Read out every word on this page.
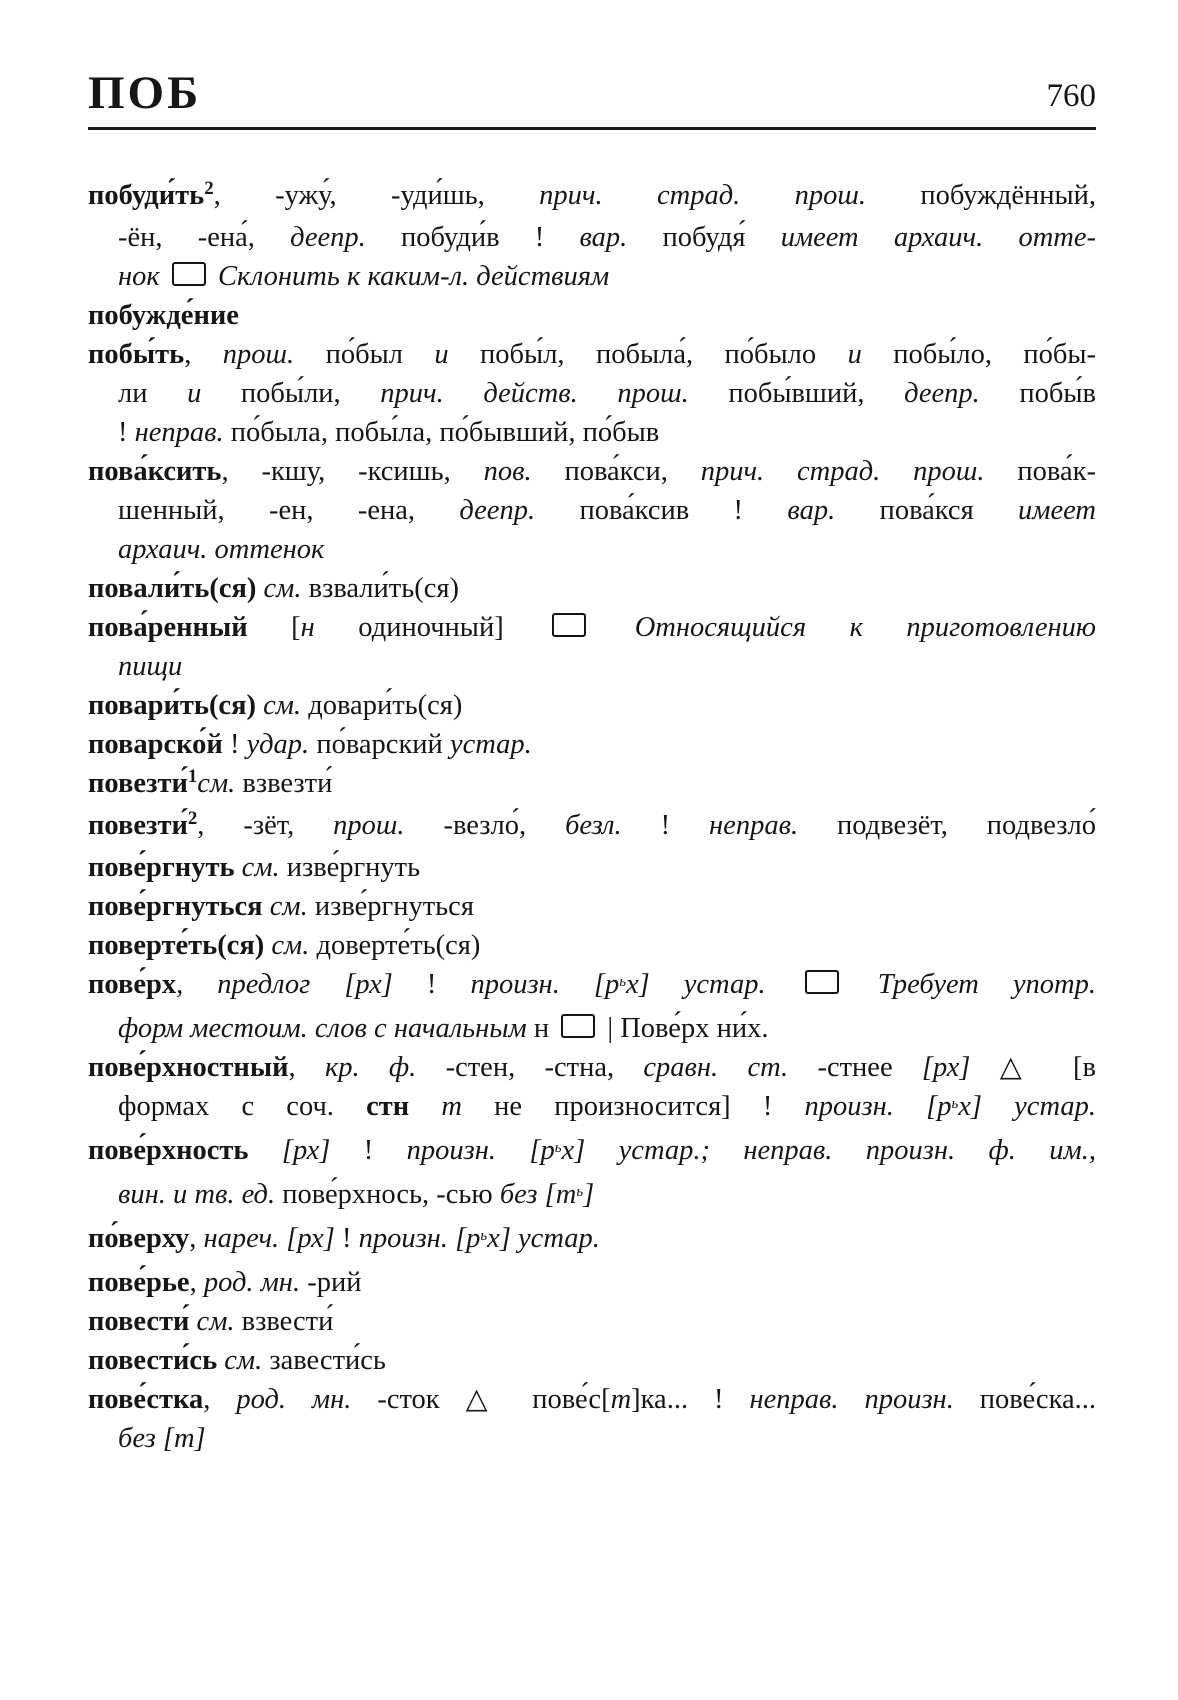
ПОБ	760
$побуди́ть^2$, -ужу́, -уди́шь, прич. страд. прош. побуждённый,
-ён, -ена́, деепр. побуди́в ! вар. побудя́ имеет архаич. отте-
нок  Склонить к каким-л. действиям
побужде́ние
побы́ть, прош. по́был и побы́л, побыла́, по́было и побы́ло, по́бы-
ли и побы́ли, прич. действ. прош. побы́вший, деепр. побы́в
! неправ. по́была, побы́ла, по́бывший, по́быв
пова́ксить, -кшу, -ксишь, пов. пова́кси, прич. страд. прош. пова́к-
шенный, -ен, -ена, деепр. пова́ксив ! вар. пова́кся имеет
архаич. оттенок
повали́ть(ся) см. взвали́ть(ся)
пова́ренный [н одиночный]	Относящийся к приготовлению
пищи
повари́ть(ся) см. довари́ть(ся)
поварско́й ! удар. по́варский устар.
повезти́$^1$см. взвезти́
повезти́$^2$, -зёт, прош. -везло́, безл. ! неправ. подвезёт, подвезло́
пове́ргнуть см. изве́ргнуть
пове́ргнуться см. изве́ргнуться
поверте́ть(ся) см. доверте́ть(ся)
пове́рх, предлог [рх] ! произн. $[р^ьх]$ устар.	Требует употр.
форм местоим. слов с начальным н  | Пове́рх ни́х.
пове́рхностный, кр. ф. -стен, -стна, сравн. ст. -стнее [рх] △ [в
формах с соч. стн т не произносится] ! произн. $[р^ьх]$ устар.
пове́рхность [рх] ! произн. $[р^ьх]$ устар.; неправ. произн. ф. им.,
вин. и тв. ед. пове́рхнось, -сью без $[т^ь]$
по́верху, нареч. [рх] ! произн. $[р^ьх]$ устар.
пове́рье, род. мн. -рий
повести́ см. взвести́
повести́сь см. завести́сь
пове́стка, род. мн. -сток △ пове́с[т]ка... ! неправ. произн. пове́ска...
без [т]
